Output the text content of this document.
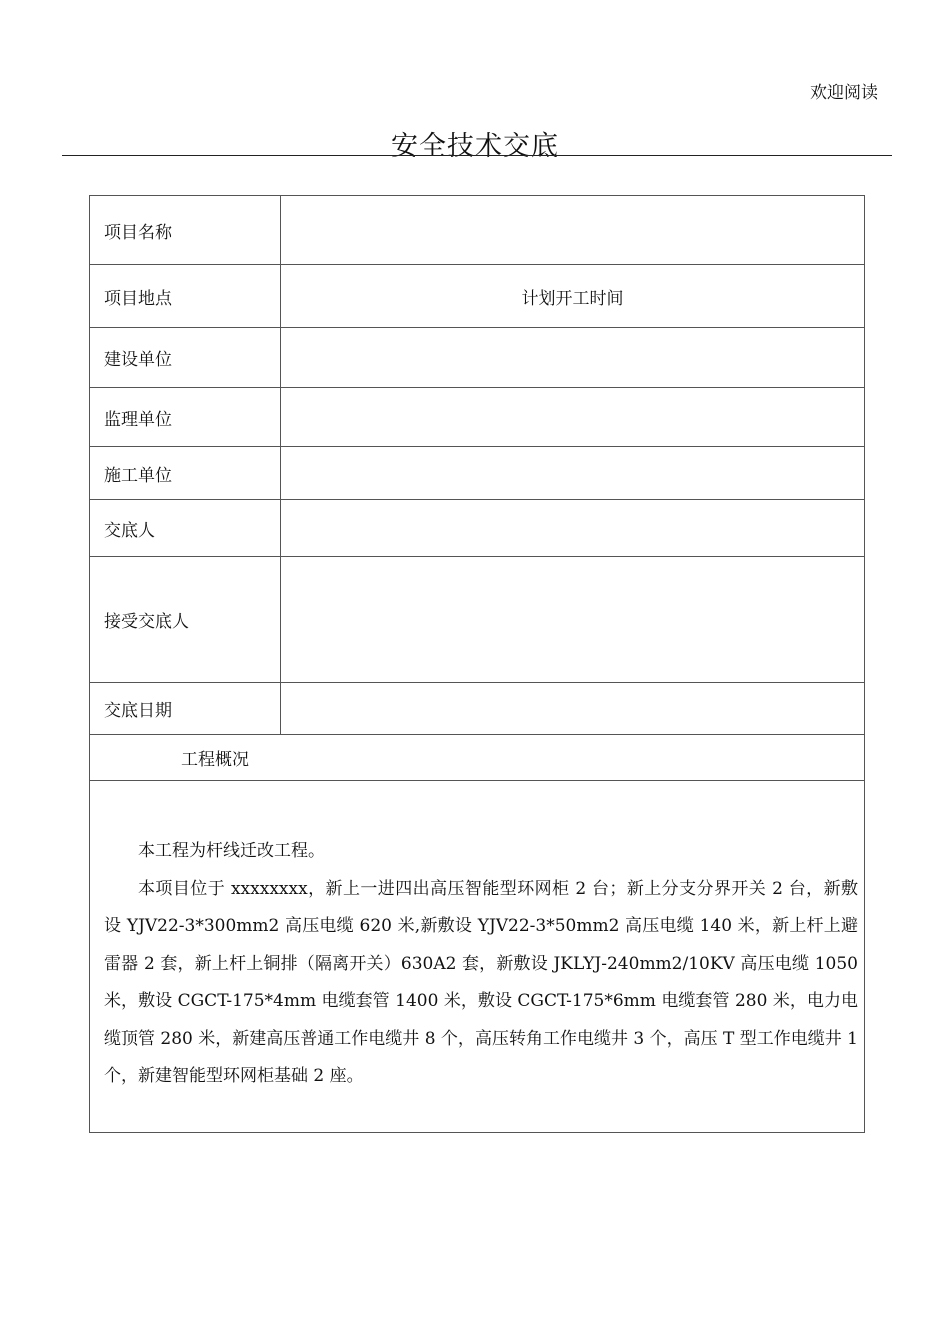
欢迎阅读
安全技术交底
项目名称	
项目地点	计划开工时间
建设单位	
监理单位	
施工单位	
交底人	
接受交底人	
交底日期	
工程概况	

本工程为杆线迁改工程。

本项目位于 xxxxxxxx，新上一进四出高压智能型环网柜 2 台；新上分支分界开关 2 台，新敷设 YJV22-3*300mm2 高压电缆 620 米,新敷设 YJV22-3*50mm2 高压电缆 140 米，新上杆上避雷器 2 套，新上杆上铜排（隔离开关）630A2 套，新敷设 JKLYJ-240mm2/10KV 高压电缆 1050 米，敷设 CGCT-175*4mm 电缆套管 1400 米，敷设 CGCT-175*6mm 电缆套管 280 米，电力电缆顶管 280 米，新建高压普通工作电缆井 8 个，高压转角工作电缆井 3 个，高压 T 型工作电缆井 1 个，新建智能型环网柜基础 2 座。	
